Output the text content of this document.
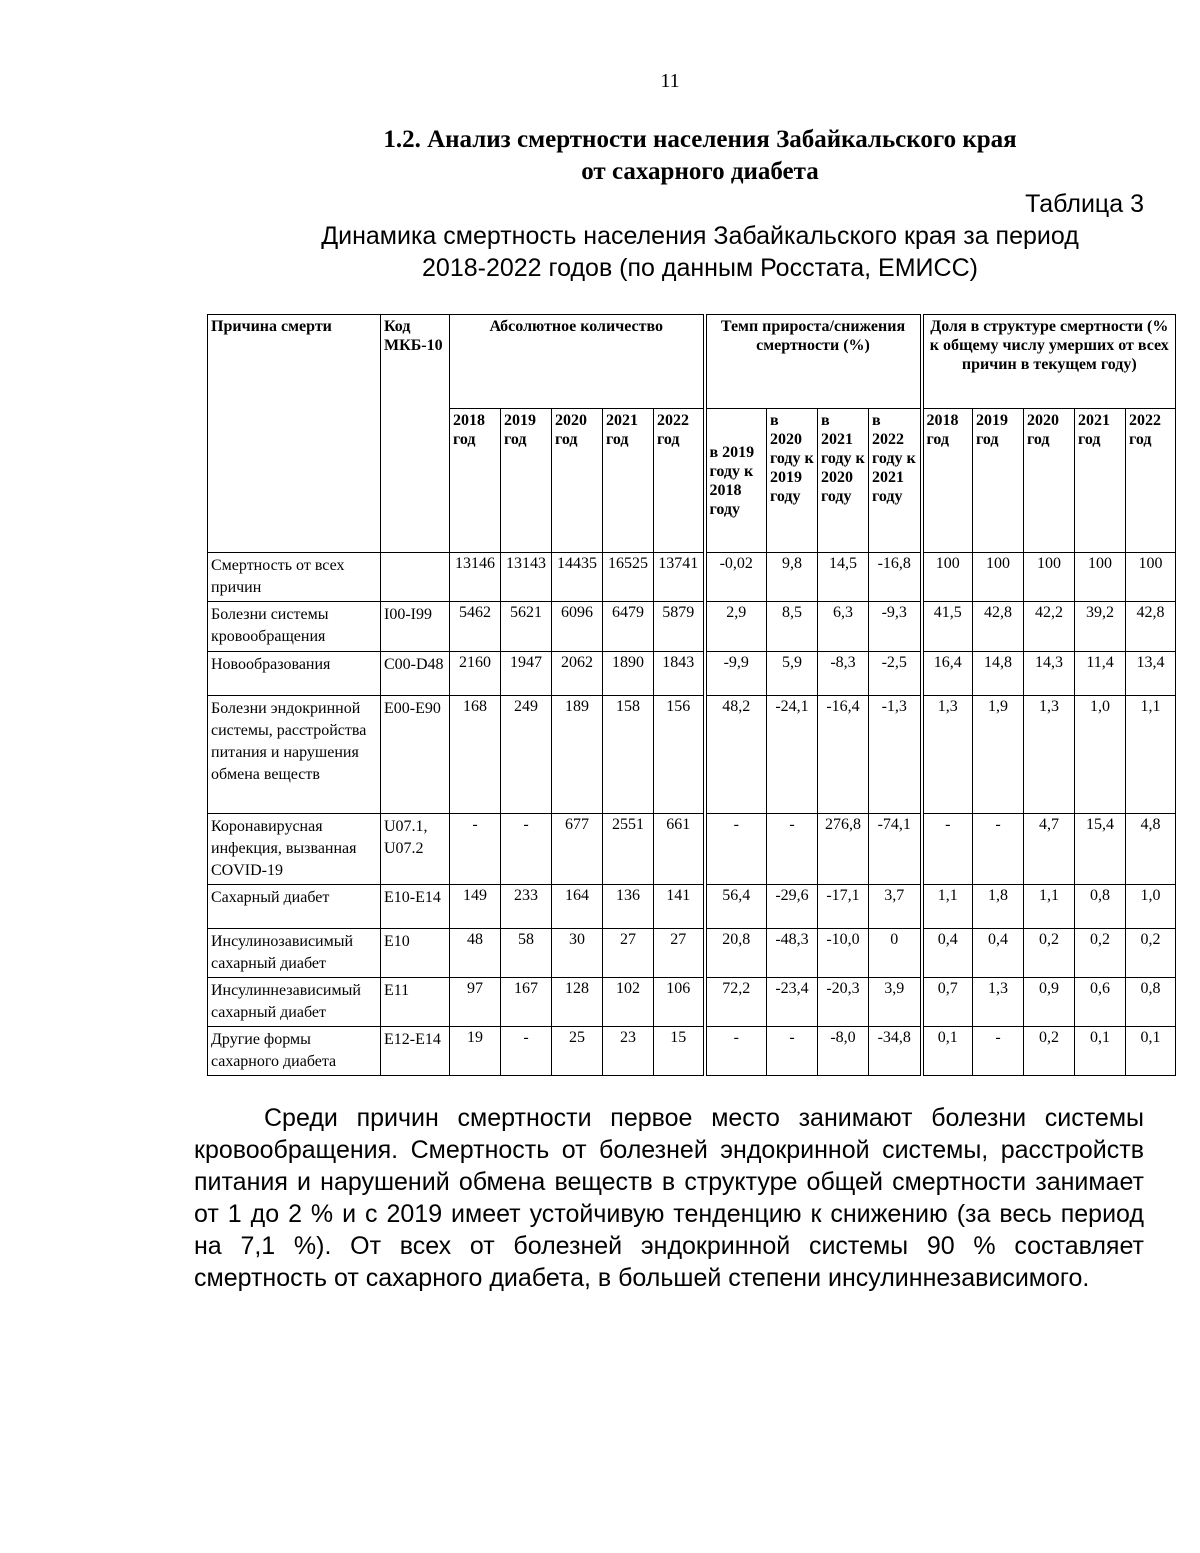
11
1.2. Анализ смертности населения Забайкальского края
от сахарного диабета
Таблица 3
Динамика смертность населения Забайкальского края за период
2018-2022 годов (по данным Росстата, ЕМИСС)
Причина смерти	Код МКБ-10	Абсолютное количество					Темп прироста/снижения смертности (%)				Доля в структуре смертности (% к общему числу умерших от всех причин в текущем году)				
		2018 год	2019 год	2020 год	2021 год	2022 год	в 2019 году к 2018 году	в 2020 году к 2019 году	в 2021 году к 2020 году	в 2022 году к 2021 году	2018 год	2019 год	2020 год	2021 год	2022 год
Смертность от всех причин		13146	13143	14435	16525	13741	-0,02	9,8	14,5	-16,8	100	100	100	100	100
Болезни системы кровообращения	I00-I99	5462	5621	6096	6479	5879	2,9	8,5	6,3	-9,3	41,5	42,8	42,2	39,2	42,8
Новообразования	C00-D48	2160	1947	2062	1890	1843	-9,9	5,9	-8,3	-2,5	16,4	14,8	14,3	11,4	13,4
Болезни эндокринной системы, расстройства питания и нарушения обмена веществ	E00-E90	168	249	189	158	156	48,2	-24,1	-16,4	-1,3	1,3	1,9	1,3	1,0	1,1
Коронавирусная инфекция, вызванная COVID-19	U07.1, U07.2	-	-	677	2551	661	-	-	276,8	-74,1	-	-	4,7	15,4	4,8
Сахарный диабет	E10-E14	149	233	164	136	141	56,4	-29,6	-17,1	3,7	1,1	1,8	1,1	0,8	1,0
Инсулинозависимый сахарный диабет	E10	48	58	30	27	27	20,8	-48,3	-10,0	0	0,4	0,4	0,2	0,2	0,2
Инсулиннезависимый сахарный диабет	E11	97	167	128	102	106	72,2	-23,4	-20,3	3,9	0,7	1,3	0,9	0,6	0,8
Другие формы сахарного диабета	E12-E14	19	-	25	23	15	-	-	-8,0	-34,8	0,1	-	0,2	0,1	0,1

Среди причин смертности первое место занимают болезни системы кровообращения. Смертность от болезней эндокринной системы, расстройств питания и нарушений обмена веществ в структуре общей смертности занимает от 1 до 2 % и с 2019 имеет устойчивую тенденцию к снижению (за весь период на 7,1 %). От всех от болезней эндокринной системы 90 % составляет смертность от сахарного диабета, в большей степени инсулиннезависимого.
